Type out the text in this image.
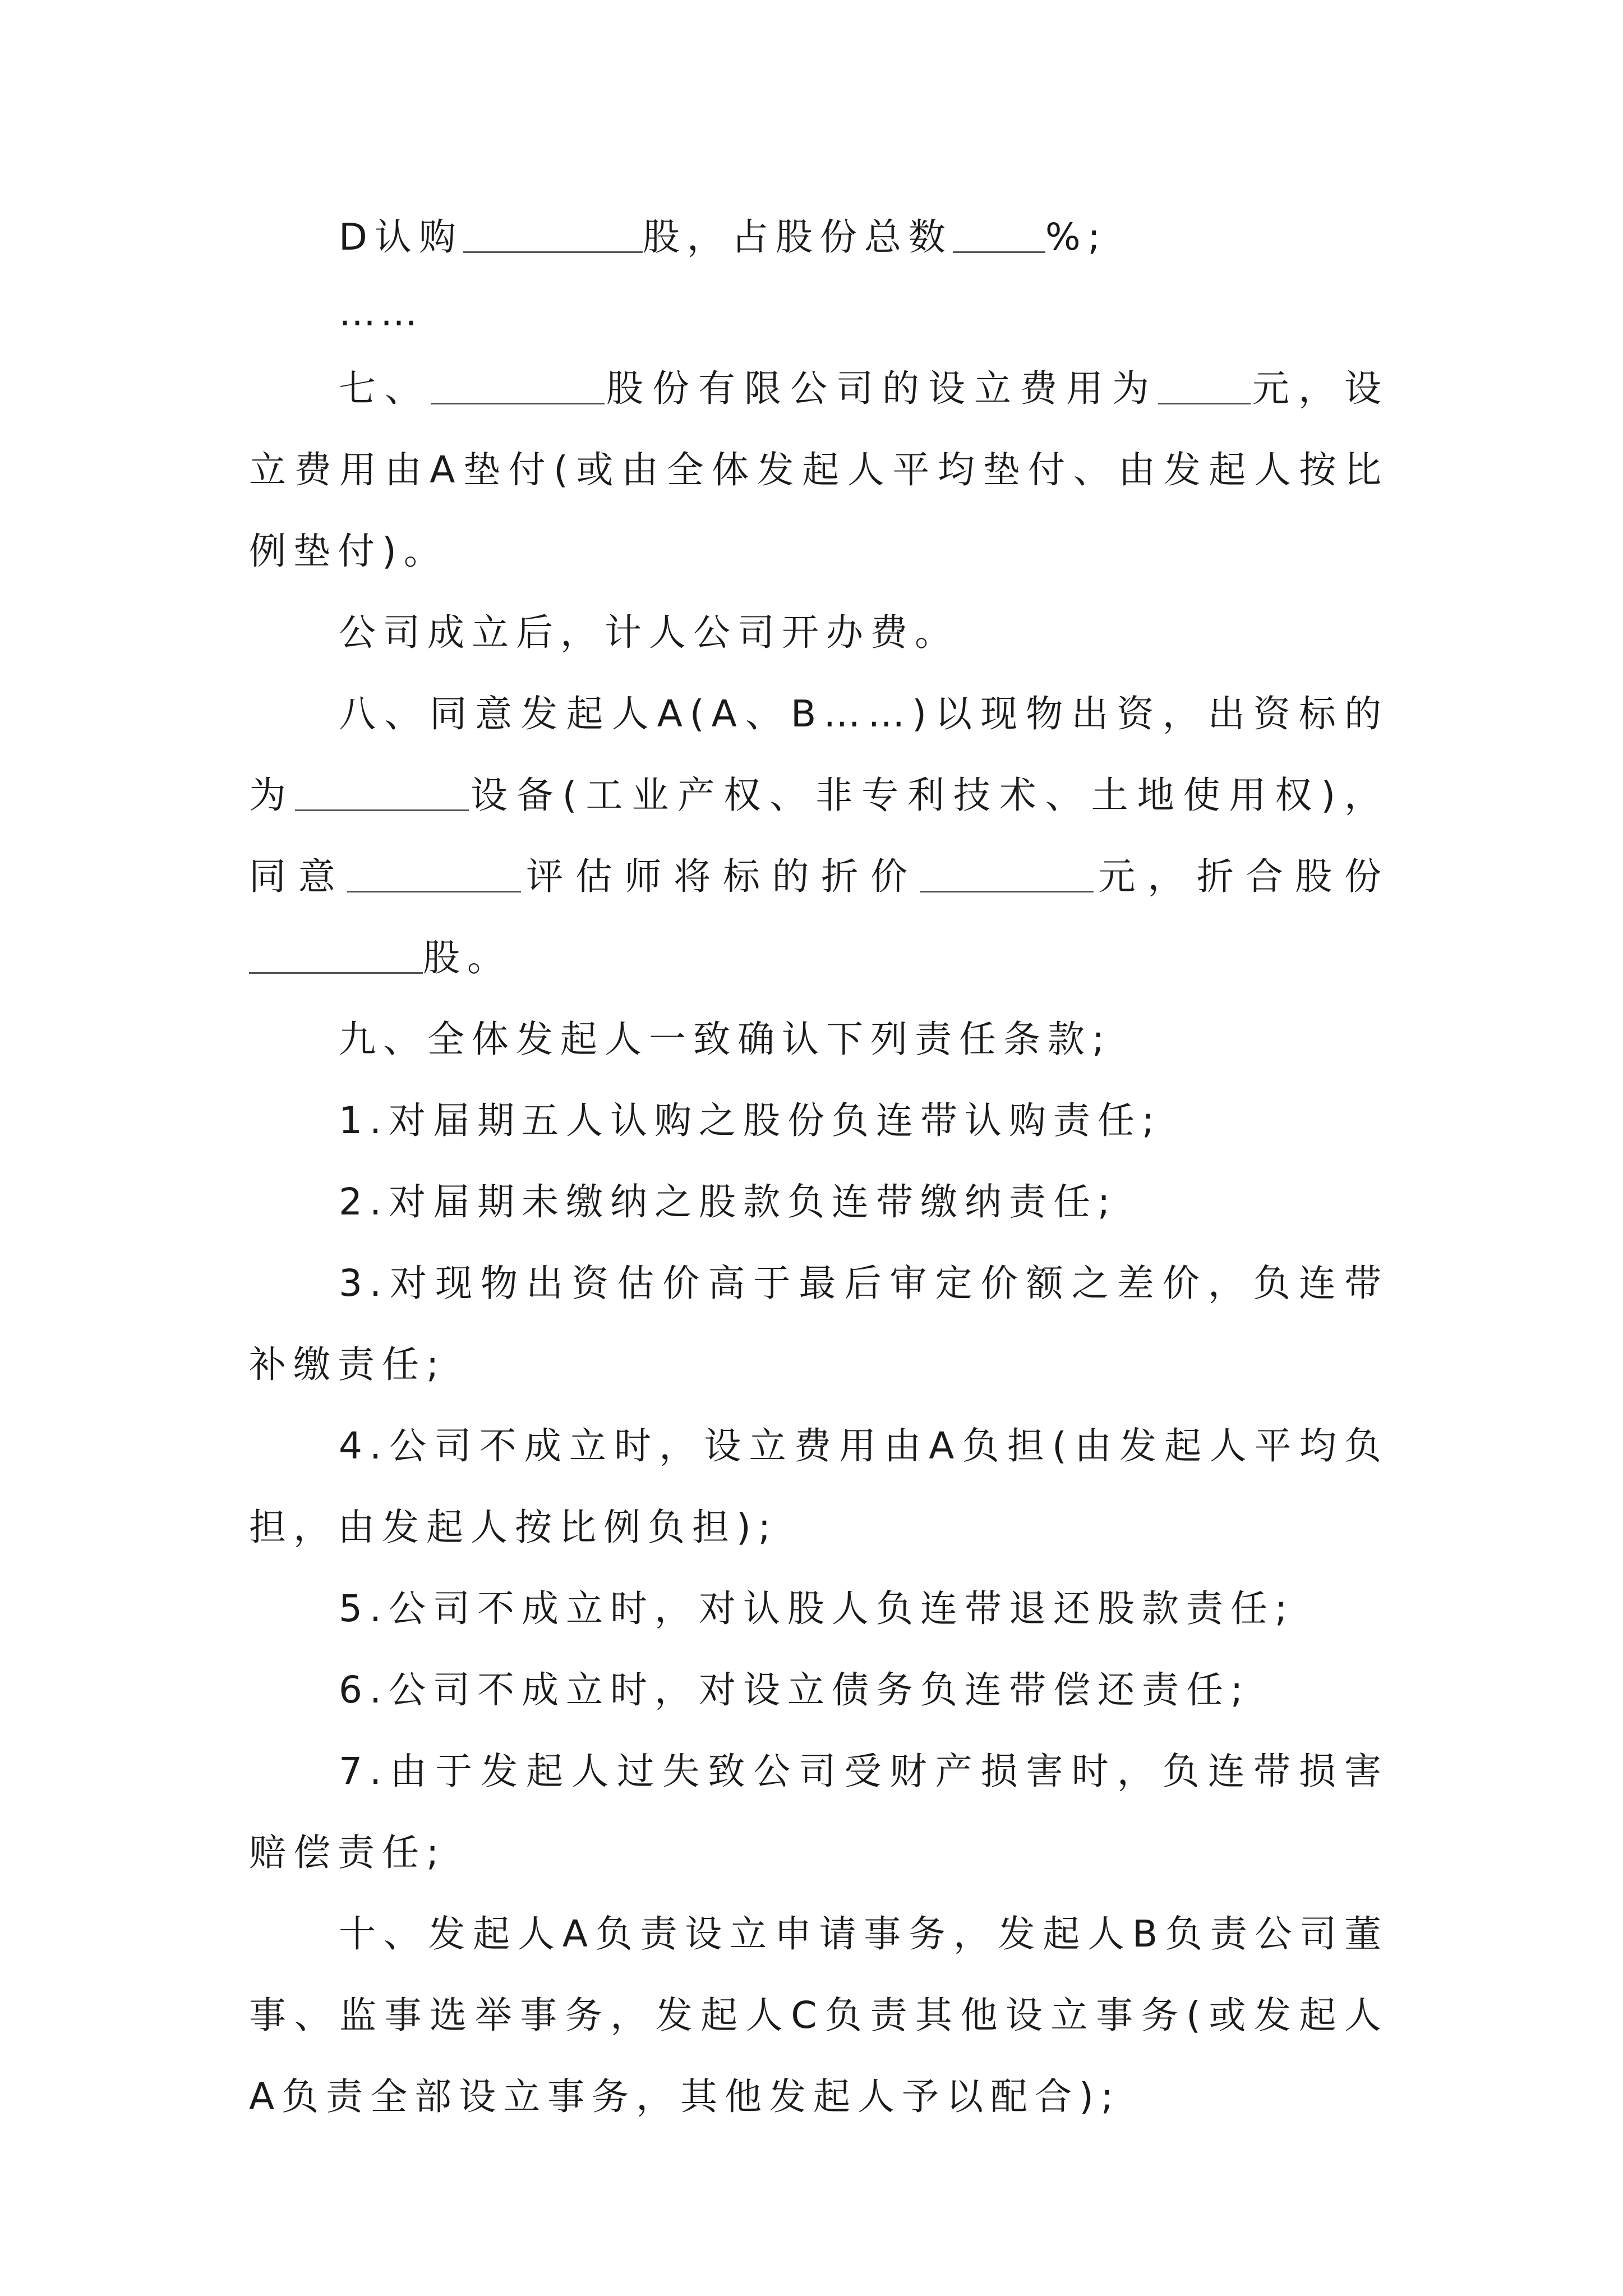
D认购	股，占股份总数	%;

……

七、	股份有限公司的设立费用为	元，设立费用由A垫付(或由全体发起人平均垫付、由发起人按比例垫付)。

公司成立后，计人公司开办费。

八、同意发起人A(A、B……)以现物出资，出资标的为	设备(工业产权、非专利技术、土地使用权)，同意	评估师将标的折价	元，折合股份股。

九、全体发起人一致确认下列责任条款;

1.对届期五人认购之股份负连带认购责任;

2.对届期未缴纳之股款负连带缴纳责任;

3.对现物出资估价高于最后审定价额之差价，负连带补缴责任;

4.公司不成立时，设立费用由A负担(由发起人平均负担，由发起人按比例负担);

5.公司不成立时，对认股人负连带退还股款责任;

6.公司不成立时，对设立债务负连带偿还责任;

7.由于发起人过失致公司受财产损害时，负连带损害赔偿责任;

十、发起人A负责设立申请事务，发起人B负责公司董事、监事选举事务，发起人C负责其他设立事务(或发起人A负责全部设立事务，其他发起人予以配合);
